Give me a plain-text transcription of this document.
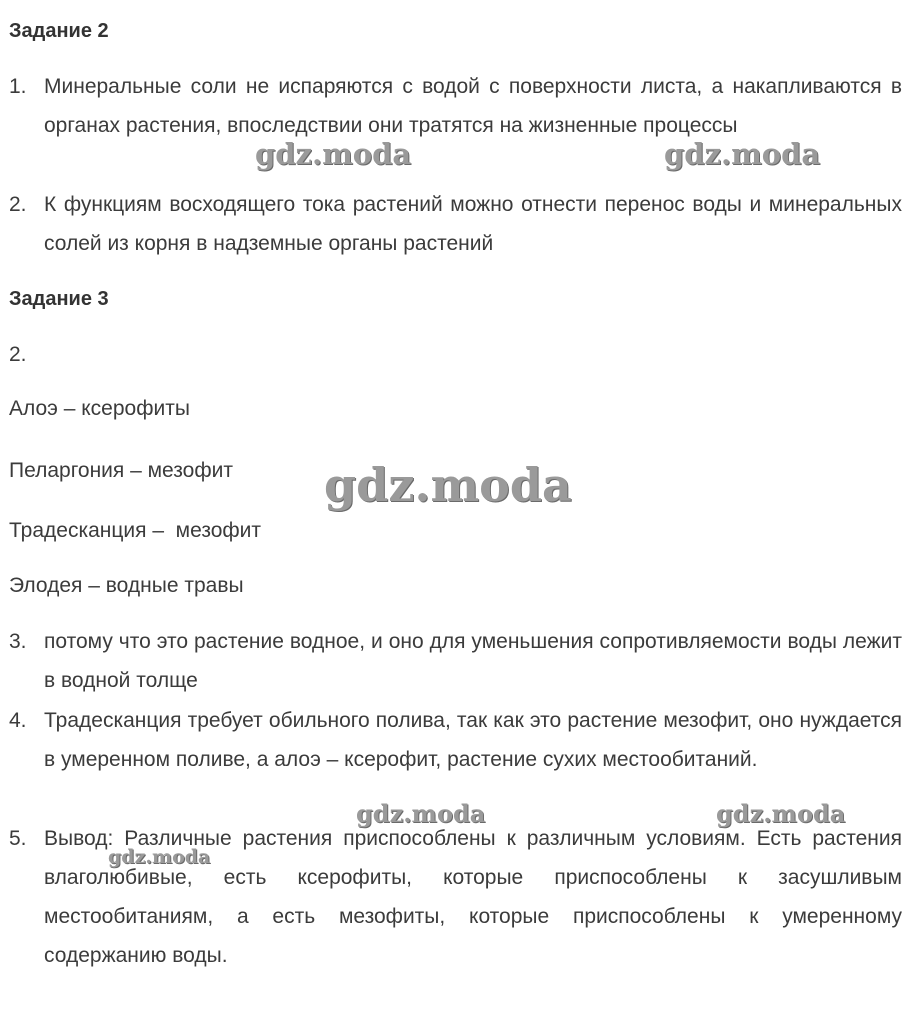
Задание 2
1. Минеральные соли не испаряются с водой с поверхности листа, а накапливаются в органах растения, впоследствии они тратятся на жизненные процессы
2. К функциям восходящего тока растений можно отнести перенос воды и минеральных солей из корня в надземные органы растений
Задание 3
2.
Алоэ – ксерофиты
Пеларгония – мезофит
Традесканция –  мезофит
Элодея – водные травы
3. потому что это растение водное, и оно для уменьшения сопротивляемости воды лежит в водной толще
4. Традесканция требует обильного полива, так как это растение мезофит, оно нуждается в умеренном поливе, а алоэ – ксерофит, растение сухих местообитаний.
5. Вывод: Различные растения приспособлены к различным условиям. Есть растения влаголюбивые, есть ксерофиты, которые приспособлены к засушливым местообитаниям, а есть мезофиты, которые приспособлены к умеренному содержанию воды.
gdz.moda	gdz.moda
gdz.moda
gdz.moda	gdz.moda
gdz.moda
